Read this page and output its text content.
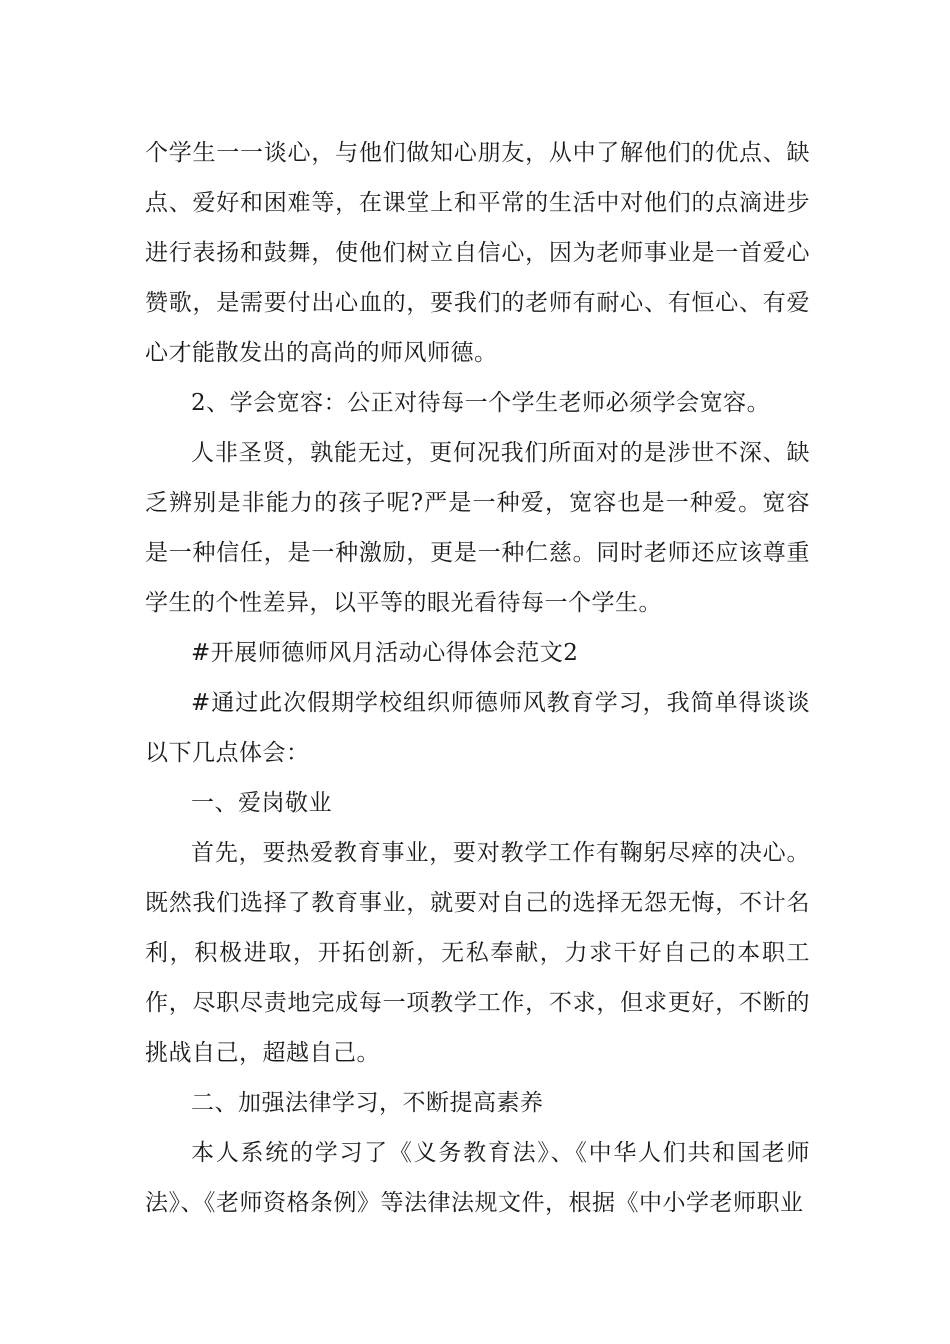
个学生一一谈心，与他们做知心朋友，从中了解他们的优点、缺点、爱好和困难等，在课堂上和平常的生活中对他们的点滴进步进行表扬和鼓舞，使他们树立自信心，因为老师事业是一首爱心赞歌，是需要付出心血的，要我们的老师有耐心、有恒心、有爱心才能散发出的高尚的师风师德。

2、学会宽容：公正对待每一个学生老师必须学会宽容。

人非圣贤，孰能无过，更何况我们所面对的是涉世不深、缺乏辨别是非能力的孩子呢?严是一种爱，宽容也是一种爱。宽容是一种信任，是一种激励，更是一种仁慈。同时老师还应该尊重学生的个性差异，以平等的眼光看待每一个学生。

#开展师德师风月活动心得体会范文2

#通过此次假期学校组织师德师风教育学习，我简单得谈谈以下几点体会：

一、爱岗敬业

首先，要热爱教育事业，要对教学工作有鞠躬尽瘁的决心。既然我们选择了教育事业，就要对自己的选择无怨无悔，不计名利，积极进取，开拓创新，无私奉献，力求干好自己的本职工作，尽职尽责地完成每一项教学工作，不求，但求更好，不断的挑战自己，超越自己。

二、加强法律学习，不断提高素养

本人系统的学习了《义务教育法》、《中华人们共和国老师法》、《老师资格条例》等法律法规文件，根据《中小学老师职业
